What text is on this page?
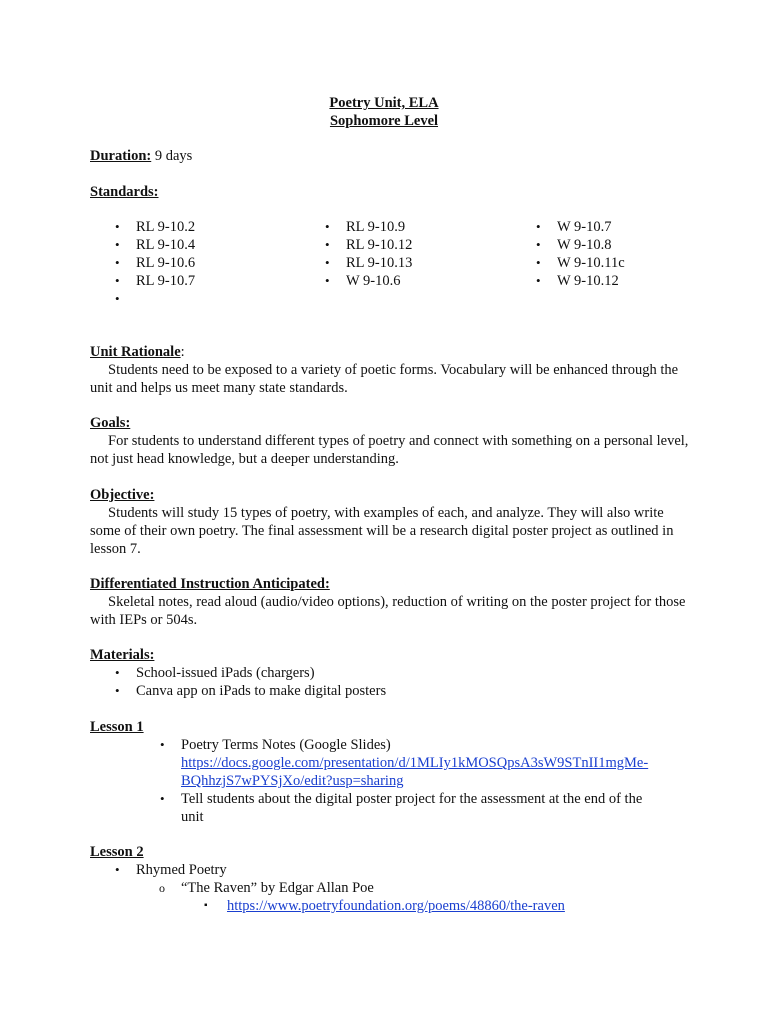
Poetry Unit, ELA
Sophomore Level
Duration: 9 days
Standards:
• RL 9-10.2
• RL 9-10.4
• RL 9-10.6
• RL 9-10.7
•
• RL 9-10.9
• RL 9-10.12
• RL 9-10.13
• W 9-10.6
• W 9-10.7
• W 9-10.8
• W 9-10.11c
• W 9-10.12
Unit Rationale:
Students need to be exposed to a variety of poetic forms. Vocabulary will be enhanced through the unit and helps us meet many state standards.
Goals:
For students to understand different types of poetry and connect with something on a personal level, not just head knowledge, but a deeper understanding.
Objective:
Students will study 15 types of poetry, with examples of each, and analyze. They will also write some of their own poetry. The final assessment will be a research digital poster project as outlined in lesson 7.
Differentiated Instruction Anticipated:
Skeletal notes, read aloud (audio/video options), reduction of writing on the poster project for those with IEPs or 504s.
Materials:
• School-issued iPads (chargers)
• Canva app on iPads to make digital posters
Lesson 1
• Poetry Terms Notes (Google Slides)
https://docs.google.com/presentation/d/1MLIy1kMOSQpsA3sW9STnII1mgMe-
BQhhzjS7wPYSjXo/edit?usp=sharing
• Tell students about the digital poster project for the assessment at the end of the
unit
Lesson 2
• Rhymed Poetry
o “The Raven” by Edgar Allan Poe
▪ https://www.poetryfoundation.org/poems/48860/the-raven
